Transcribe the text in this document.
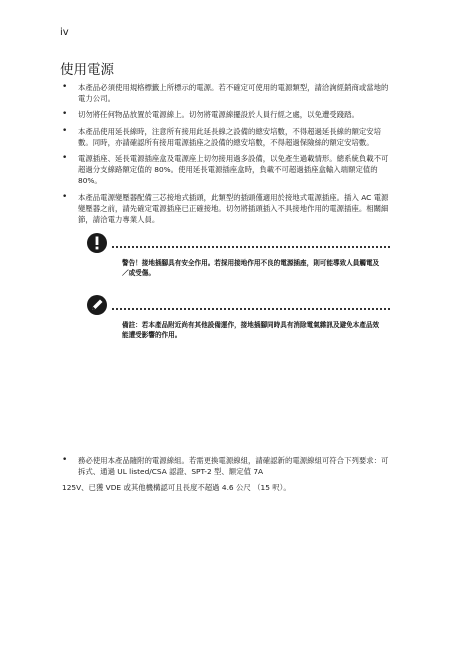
iv
使用電源
• 本產品必須使用規格標籤上所標示的電源。若不確定可使用的電源類型，請洽詢經銷商或當地的電力公司。
• 切勿將任何物品放置於電源線上。切勿將電源線擺設於人員行經之處，以免遭受踐踏。
• 本產品使用延長線時，注意所有接用此延長線之設備的總安培數，不得超過延長線的額定安培數。同時，亦請確認所有接用電源插座之設備的總安培數，不得超過保險絲的額定安培數。
• 電源插座、延長電源插座盒及電源座上切勿接用過多設備，以免產生過載情形。總系統負載不可超過分支線路額定值的 80%。使用延長電源插座盒時，負載不可超過插座盒輸入端額定值的 80%。
• 本產品電源變壓器配備三芯接地式插頭，此類型的插頭僅適用於接地式電源插座。插入 AC 電源變壓器之前，請先確定電源插座已正確接地。切勿將插頭插入不具接地作用的電源插座。相關細節，請洽電力專業人員。
警告！接地插腳具有安全作用。若採用接地作用不良的電源插座，則可能導致人員觸電及／或受傷。
備註：若本產品附近尚有其他設備運作，接地插腳同時具有消除電氣雜訊及避免本產品效能遭受影響的作用。
• 務必使用本產品隨附的電源線組。若需更換電源線組，請確認新的電源線組可符合下列要求：可拆式、通過 UL listed/CSA 認證、SPT-2 型、額定值 7A
125V、已獲 VDE 或其他機構認可且長度不超過 4.6 公尺 （15 呎）。
